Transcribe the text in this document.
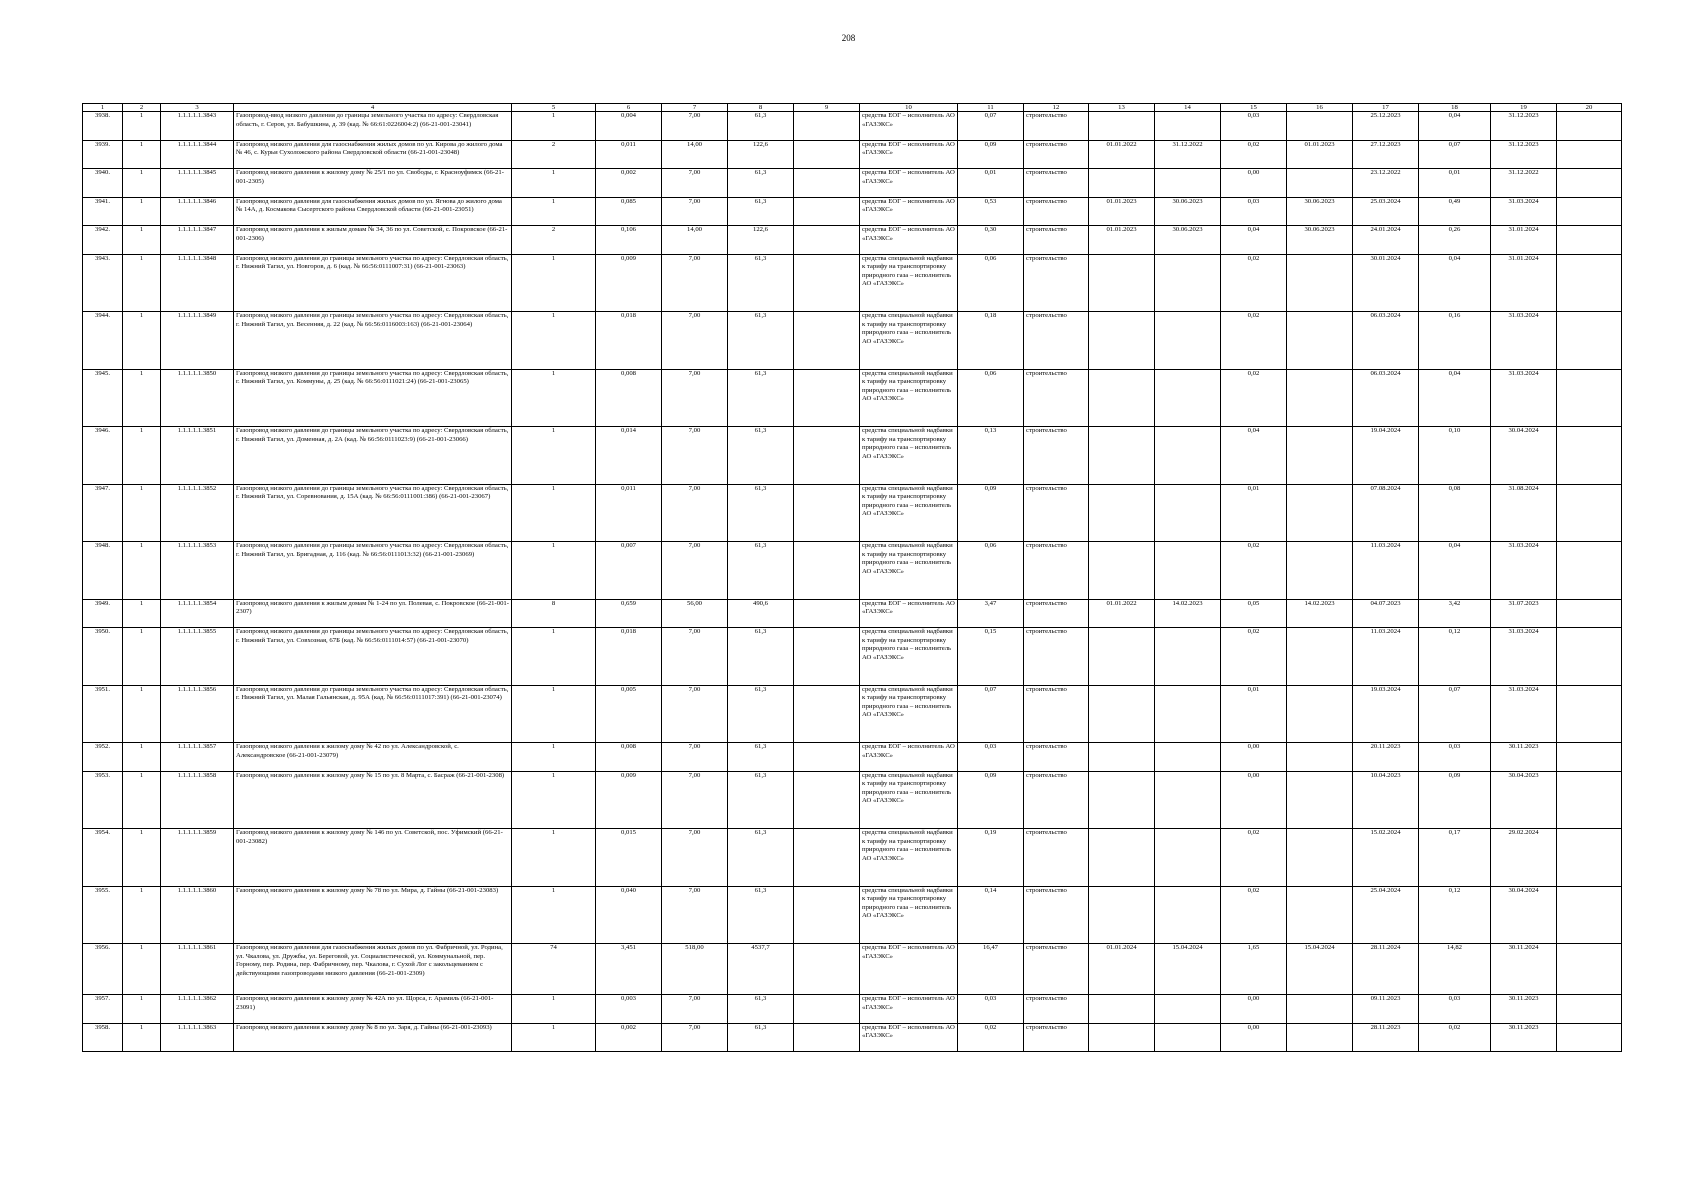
208
1	2	3	4	5	6	7	8	9	10	11	12	13	14	15	16	17	18	19	20
3938.	1	1.1.1.1.1.3843	Газопровод-ввод низкого давления до границы земельного участка по адресу: Свердловская область, г. Серов, ул. Бабушкина, д. 39 (кад. № 66:61:0226004:2) (66-21-001-23041)	1	0,004	7,00	61,3		средства ЕОГ – исполнитель АО «ГАЗЭКС»	0,07	строительство			0,03		25.12.2023	0,04	31.12.2023	
3939.	1	1.1.1.1.1.3844	Газопровод низкого давления для газоснабжения жилых домов по ул. Кирова до жилого дома № 46, с. Курьи Сухоложского района Свердловской области (66-21-001-23048)	2	0,011	14,00	122,6		средства ЕОГ – исполнитель АО «ГАЗЭКС»	0,09	строительство	01.01.2022	31.12.2022	0,02	01.01.2023	27.12.2023	0,07	31.12.2023	
3940.	1	1.1.1.1.1.3845	Газопровод низкого давления к жилому дому № 25/1 по ул. Свободы, г. Красноуфимск (66-21-001-2305)	1	0,002	7,00	61,3		средства ЕОГ – исполнитель АО «ГАЗЭКС»	0,01	строительство			0,00		23.12.2022	0,01	31.12.2022	
3941.	1	1.1.1.1.1.3846	Газопровод низкого давления для газоснабжения жилых домов по ул. Ягнова до жилого дома № 14А, д. Космакова Сысертского района Свердловской области (66-21-001-23051)	1	0,085	7,00	61,3		средства ЕОГ – исполнитель АО «ГАЗЭКС»	0,53	строительство	01.01.2023	30.06.2023	0,03	30.06.2023	25.03.2024	0,49	31.03.2024	
3942.	1	1.1.1.1.1.3847	Газопровод низкого давления к жилым домам № 34, 36 по ул. Советской, с. Покровское (66-21-001-2306)	2	0,106	14,00	122,6		средства ЕОГ – исполнитель АО «ГАЗЭКС»	0,30	строительство	01.01.2023	30.06.2023	0,04	30.06.2023	24.01.2024	0,26	31.01.2024	
3943.	1	1.1.1.1.1.3848	Газопровод низкого давления до границы земельного участка по адресу: Свердловская область, г. Нижний Тагил, ул. Новгоров, д. 6 (кад. № 66:56:0111007:31) (66-21-001-23063)	1	0,009	7,00	61,3		средства специальной надбавки к тарифу на транспортировку природного газа – исполнитель АО «ГАЗЭКС»	0,06	строительство			0,02		30.01.2024	0,04	31.01.2024	
3944.	1	1.1.1.1.1.3849	Газопровод низкого давления до границы земельного участка по адресу: Свердловская область, г. Нижний Тагил, ул. Весенняя, д. 22 (кад. № 66:56:0116003:163) (66-21-001-23064)	1	0,018	7,00	61,3		средства специальной надбавки к тарифу на транспортировку природного газа – исполнитель АО «ГАЗЭКС»	0,18	строительство			0,02		06.03.2024	0,16	31.03.2024	
3945.	1	1.1.1.1.1.3850	Газопровод низкого давления до границы земельного участка по адресу: Свердловская область, г. Нижний Тагил, ул. Коммуны, д. 25 (кад. № 66:56:0111021:24) (66-21-001-23065)	1	0,008	7,00	61,3		средства специальной надбавки к тарифу на транспортировку природного газа – исполнитель АО «ГАЗЭКС»	0,06	строительство			0,02		06.03.2024	0,04	31.03.2024	
3946.	1	1.1.1.1.1.3851	Газопровод низкого давления до границы земельного участка по адресу: Свердловская область, г. Нижний Тагил, ул. Доменная, д. 2А (кад. № 66:56:0111023:9) (66-21-001-23066)	1	0,014	7,00	61,3		средства специальной надбавки к тарифу на транспортировку природного газа – исполнитель АО «ГАЗЭКС»	0,13	строительство			0,04		19.04.2024	0,10	30.04.2024	
3947.	1	1.1.1.1.1.3852	Газопровод низкого давления до границы земельного участка по адресу: Свердловская область, г. Нижний Тагил, ул. Соревнования, д. 15А (кад. № 66:56:0111001:386) (66-21-001-23067)	1	0,011	7,00	61,3		средства специальной надбавки к тарифу на транспортировку природного газа – исполнитель АО «ГАЗЭКС»	0,09	строительство			0,01		07.08.2024	0,08	31.08.2024	
3948.	1	1.1.1.1.1.3853	Газопровод низкого давления до границы земельного участка по адресу: Свердловская область, г. Нижний Тагил, ул. Бригадная, д. 116 (кад. № 66:56:0111013:32) (66-21-001-23069)	1	0,007	7,00	61,3		средства специальной надбавки к тарифу на транспортировку природного газа – исполнитель АО «ГАЗЭКС»	0,06	строительство			0,02		11.03.2024	0,04	31.03.2024	
3949.	1	1.1.1.1.1.3854	Газопровод низкого давления к жилым домам № 1-24 по ул. Полевая, с. Покровское (66-21-001-2307)	8	0,659	56,00	490,6		средства ЕОГ – исполнитель АО «ГАЗЭКС»	3,47	строительство	01.01.2022	14.02.2023	0,05	14.02.2023	04.07.2023	3,42	31.07.2023	
3950.	1	1.1.1.1.1.3855	Газопровод низкого давления до границы земельного участка по адресу: Свердловская область, г. Нижний Тагил, ул. Совхозная, 67Б (кад. № 66:56:0111014:57) (66-21-001-23070)	1	0,018	7,00	61,3		средства специальной надбавки к тарифу на транспортировку природного газа – исполнитель АО «ГАЗЭКС»	0,15	строительство			0,02		11.03.2024	0,12	31.03.2024	
3951.	1	1.1.1.1.1.3856	Газопровод низкого давления до границы земельного участка по адресу: Свердловская область, г. Нижний Тагил, ул. Малая Гальянская, д. 95А (кад. № 66:56:0111017:391) (66-21-001-23074)	1	0,005	7,00	61,3		средства специальной надбавки к тарифу на транспортировку природного газа – исполнитель АО «ГАЗЭКС»	0,07	строительство			0,01		19.03.2024	0,07	31.03.2024	
3952.	1	1.1.1.1.1.3857	Газопровод низкого давления к жилому дому № 42 по ул. Александровской, с. Александровское (66-21-001-23079)	1	0,008	7,00	61,3		средства ЕОГ – исполнитель АО «ГАЗЭКС»	0,03	строительство			0,00		20.11.2023	0,03	30.11.2023	
3953.	1	1.1.1.1.1.3858	Газопровод низкого давления к жилому дому № 15 по ул. 8 Марта, с. Басраж (66-21-001-2308)	1	0,009	7,00	61,3		средства специальной надбавки к тарифу на транспортировку природного газа – исполнитель АО «ГАЗЭКС»	0,09	строительство			0,00		10.04.2023	0,09	30.04.2023	
3954.	1	1.1.1.1.1.3859	Газопровод низкого давления к жилому дому № 146 по ул. Советской, пос. Уфимский (66-21-001-23082)	1	0,015	7,00	61,3		средства специальной надбавки к тарифу на транспортировку природного газа – исполнитель АО «ГАЗЭКС»	0,19	строительство			0,02		15.02.2024	0,17	29.02.2024	
3955.	1	1.1.1.1.1.3860	Газопровод низкого давления к жилому дому № 78 по ул. Мира, д. Гайны (66-21-001-23083)	1	0,040	7,00	61,3		средства специальной надбавки к тарифу на транспортировку природного газа – исполнитель АО «ГАЗЭКС»	0,14	строительство			0,02		25.04.2024	0,12	30.04.2024	
3956.	1	1.1.1.1.1.3861	Газопровод низкого давления для газоснабжения жилых домов по ул. Фабричной, ул. Родина, ул. Чкалова, ул. Дружбы, ул. Береговой, ул. Социалистической, ул. Коммунальной, пер. Горному, пер. Родина, пер. Фабричному, пер. Чкалова, г. Сухой Лог с закольцеванием с действующими газопроводами низкого давления (66-21-001-2309)	74	3,451	518,00	4537,7		средства ЕОГ – исполнитель АО «ГАЗЭКС»	16,47	строительство	01.01.2024	15.04.2024	1,65	15.04.2024	28.11.2024	14,82	30.11.2024	
3957.	1	1.1.1.1.1.3862	Газопровод низкого давления к жилому дому № 42А по ул. Щорса, г. Арамиль (66-21-001-23091)	1	0,003	7,00	61,3		средства ЕОГ – исполнитель АО «ГАЗЭКС»	0,03	строительство			0,00		09.11.2023	0,03	30.11.2023	
3958.	1	1.1.1.1.1.3863	Газопровод низкого давления к жилому дому № 8 по ул. Заря, д. Гайны (66-21-001-23093)	1	0,002	7,00	61,3		средства ЕОГ – исполнитель АО «ГАЗЭКС»	0,02	строительство			0,00		28.11.2023	0,02	30.11.2023	
